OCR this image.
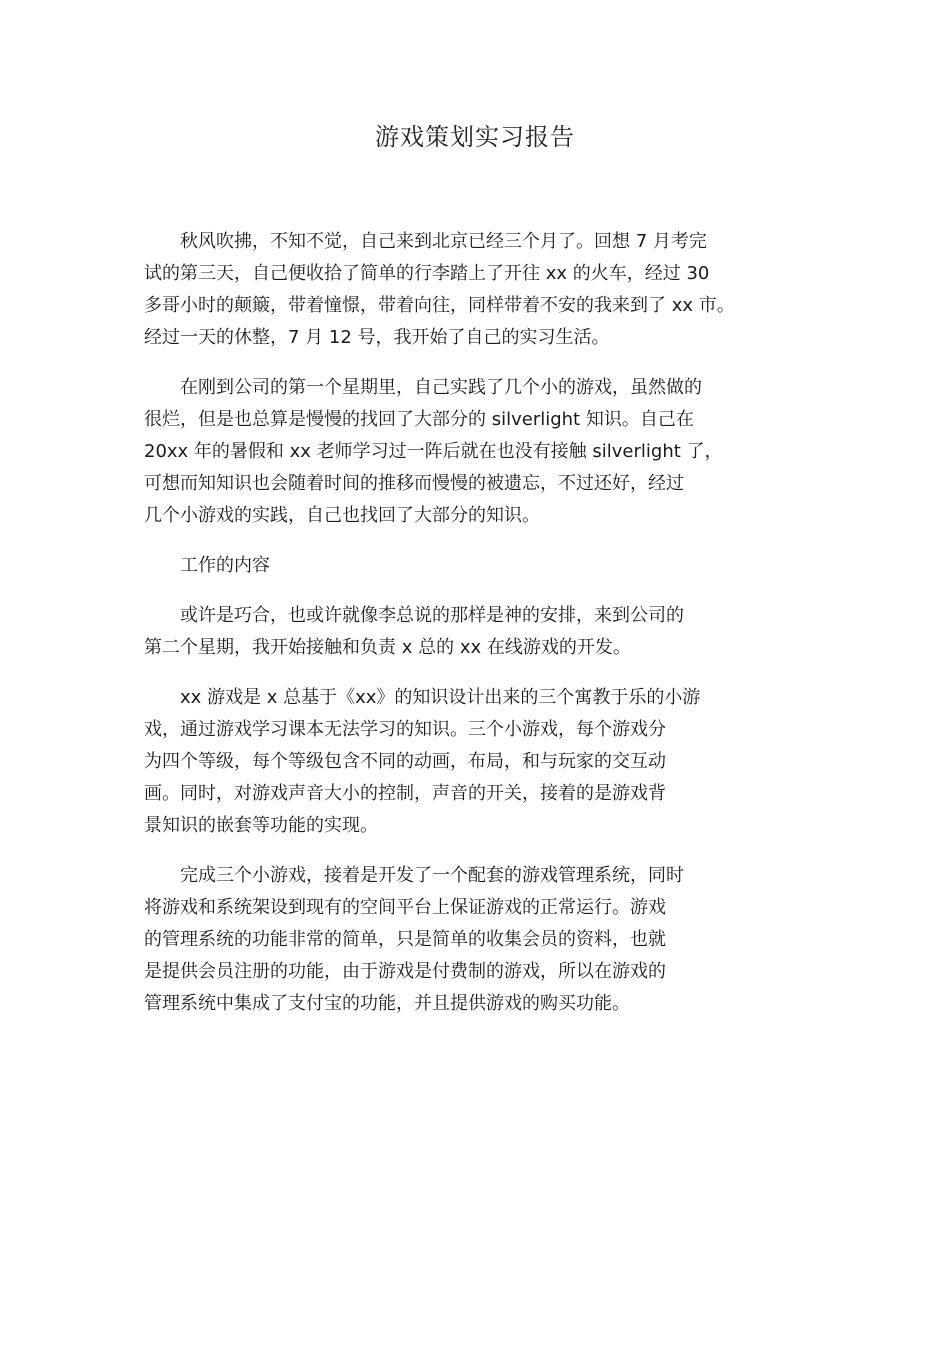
游戏策划实习报告

秋风吹拂，不知不觉，自己来到北京已经三个月了。回想 7 月考完
试的第三天，自己便收拾了简单的行李踏上了开往 xx 的火车，经过 30
多哥小时的颠簸，带着憧憬，带着向往，同样带着不安的我来到了 xx 市。
经过一天的休整，7 月 12 号，我开始了自己的实习生活。

在刚到公司的第一个星期里，自己实践了几个小的游戏，虽然做的
很烂，但是也总算是慢慢的找回了大部分的 silverlight 知识。自己在
20xx 年的暑假和 xx 老师学习过一阵后就在也没有接触 silverlight 了，
可想而知知识也会随着时间的推移而慢慢的被遗忘，不过还好，经过
几个小游戏的实践，自己也找回了大部分的知识。

工作的内容

或许是巧合，也或许就像李总说的那样是神的安排，来到公司的
第二个星期，我开始接触和负责 x 总的 xx 在线游戏的开发。

xx 游戏是 x 总基于《xx》的知识设计出来的三个寓教于乐的小游
戏，通过游戏学习课本无法学习的知识。三个小游戏，每个游戏分
为四个等级，每个等级包含不同的动画，布局，和与玩家的交互动
画。同时，对游戏声音大小的控制，声音的开关，接着的是游戏背
景知识的嵌套等功能的实现。

完成三个小游戏，接着是开发了一个配套的游戏管理系统，同时
将游戏和系统架设到现有的空间平台上保证游戏的正常运行。游戏
的管理系统的功能非常的简单，只是简单的收集会员的资料，也就
是提供会员注册的功能，由于游戏是付费制的游戏，所以在游戏的
管理系统中集成了支付宝的功能，并且提供游戏的购买功能。
